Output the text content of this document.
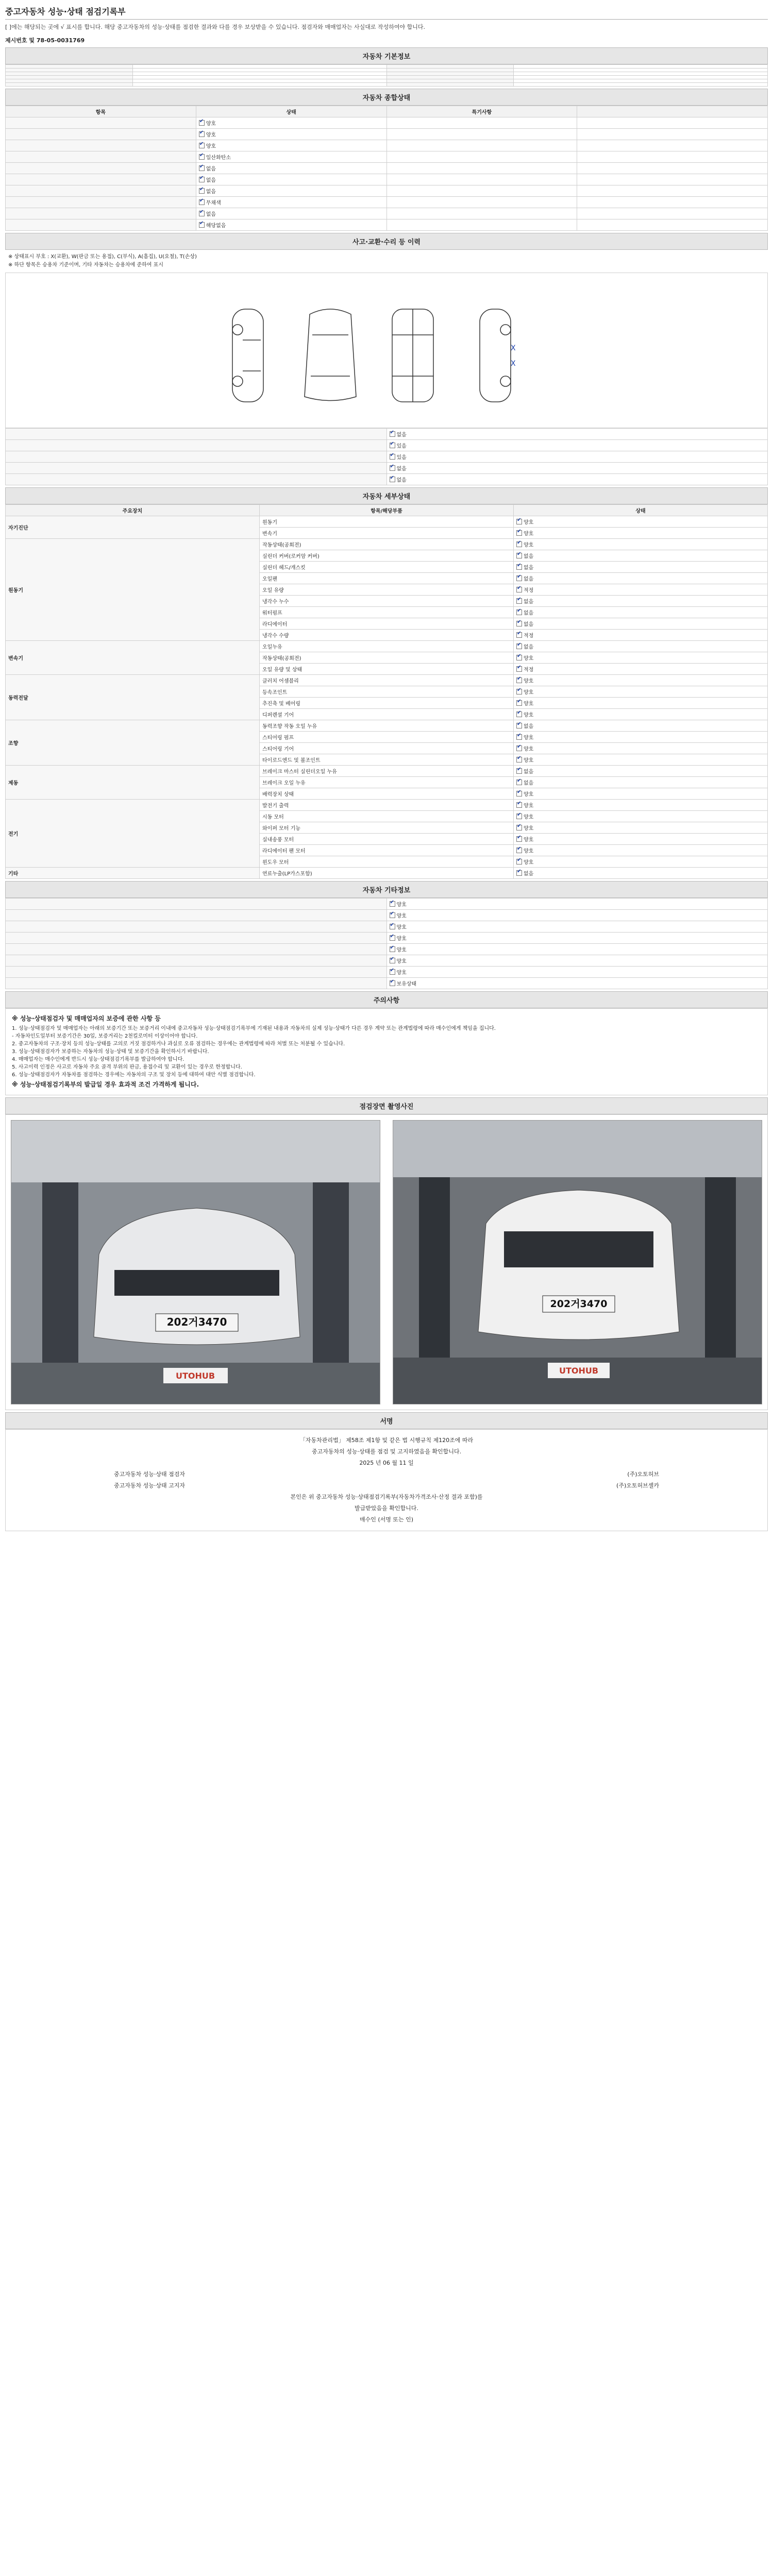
중고자동차 성능·상태 점검기록부
[ ]에는 해당되는 곳에 √ 표시를 합니다. 해당 중고자동차의 성능·상태를 점검한 결과와 다를 경우 보상받을 수 있습니다. 점검자와 매매업자는 사실대로 작성하여야 합니다.
제시번호 및 78-05-0031769
자동차 기본정보

자동차 종합상태
항목	상태	특기사항	
	✔양호		
	✔양호		
	✔양호		
	✔일산화탄소		
	✔없음		
	✔없음		
	✔없음		
	✔무채색		
	✔없음		
	✔해당없음		
사고·교환·수리 등 이력
※ 상태표시 부호 : X(교환), W(판금 또는 용접), C(부식), A(흠집), U(요철), T(손상)
※ 하단 항목은 승용차 기준이며, 기타 자동차는 승용차에 준하여 표시
X
X
	✔없음
	✔있음
	✔있음
	✔없음
	✔없음
자동차 세부상태
주요장치	항목/해당부품	상태
자기진단	원동기	✔양호
	변속기	✔양호
원동기	작동상태(공회전)	✔양호
	실린더 커버(로커암 커버)	✔없음
	실린더 헤드/개스킷	✔없음
	오일팬	✔없음
	오일 유량	✔적정
	냉각수 누수	✔없음
	워터펌프	✔없음
	라디에이터	✔없음
	냉각수 수량	✔적정
변속기	오일누유	✔없음
	작동상태(공회전)	✔양호
	오일 유량 및 상태	✔적정
동력전달	클러치 어셈블리	✔양호
	등속조인트	✔양호
	추진축 및 베어링	✔양호
	디퍼렌셜 기어	✔양호
조향	동력조향 작동 오일 누유	✔없음
	스티어링 펌프	✔양호
	스티어링 기어	✔양호
	타이로드엔드 및 볼조인트	✔양호
제동	브레이크 마스터 실린더오일 누유	✔없음
	브레이크 오일 누유	✔없음
	배력장치 상태	✔양호
전기	발전기 출력	✔양호
	시동 모터	✔양호
	와이퍼 모터 기능	✔양호
	실내송풍 모터	✔양호
	라디에이터 팬 모터	✔양호
	윈도우 모터	✔양호
기타	연료누출(LP가스포함)	✔없음
자동차 기타정보
	✔양호
	✔양호
	✔양호
	✔양호
	✔양호
	✔양호
	✔양호
	✔보유상태
주의사항
※ 성능·상태점검자 및 매매업자의 보증에 관한 사항 등
1. 성능·상태점검자 및 매매업자는 아래의 보증기간 또는 보증거리 이내에 중고자동차 성능·상태점검기록부에 기재된 내용과 자동차의 실제 성능·상태가 다른 경우 계약 또는 관계법령에 따라 매수인에게 책임을 집니다.
- 자동차인도일부터 보증기간은 30일, 보증거리는 2천킬로미터 이상이어야 합니다.
2. 중고자동차의 구조·장치 등의 성능·상태를 고의로 거짓 점검하거나 과실로 오류 점검하는 경우에는 관계법령에 따라 처벌 또는 처분될 수 있습니다.
3. 성능·상태점검자가 보증하는 자동차의 성능·상태 및 보증기간을 확인하시기 바랍니다.
4. 매매업자는 매수인에게 반드시 성능·상태점검기록부를 발급하여야 합니다.
5. 사고이력 인정은 사고로 자동차 주요 골격 부위의 판금, 용접수리 및 교환이 있는 경우로 한정합니다.
6. 성능·상태점검자가 자동차를 점검하는 경우에는 자동차의 구조 및 장치 등에 대하여 대안 식별 점검합니다.
※ 성능·상태점검기록부의 발급일 경우 효과적 조건 가격하게 됩니다.
점검장면 촬영사진
202거3470
UTOHUB
202거3470
UTOHUB
서명
「자동차관리법」 제58조 제1항 및 같은 법 시행규칙 제120조에 따라
중고자동차의 성능·상태를 점검 및 고지하였음을 확인합니다.
2025 년 06 월 11 일
중고자동차 성능·상태 점검자	(주)오토허브
중고자동차 성능·상태 고지자	(주)오토허브셀카
본인은 위 중고자동차 성능·상태점검기록부(자동차가격조사·산정 결과 포함)를
발급받았음을 확인합니다.
매수인 (서명 또는 인)
